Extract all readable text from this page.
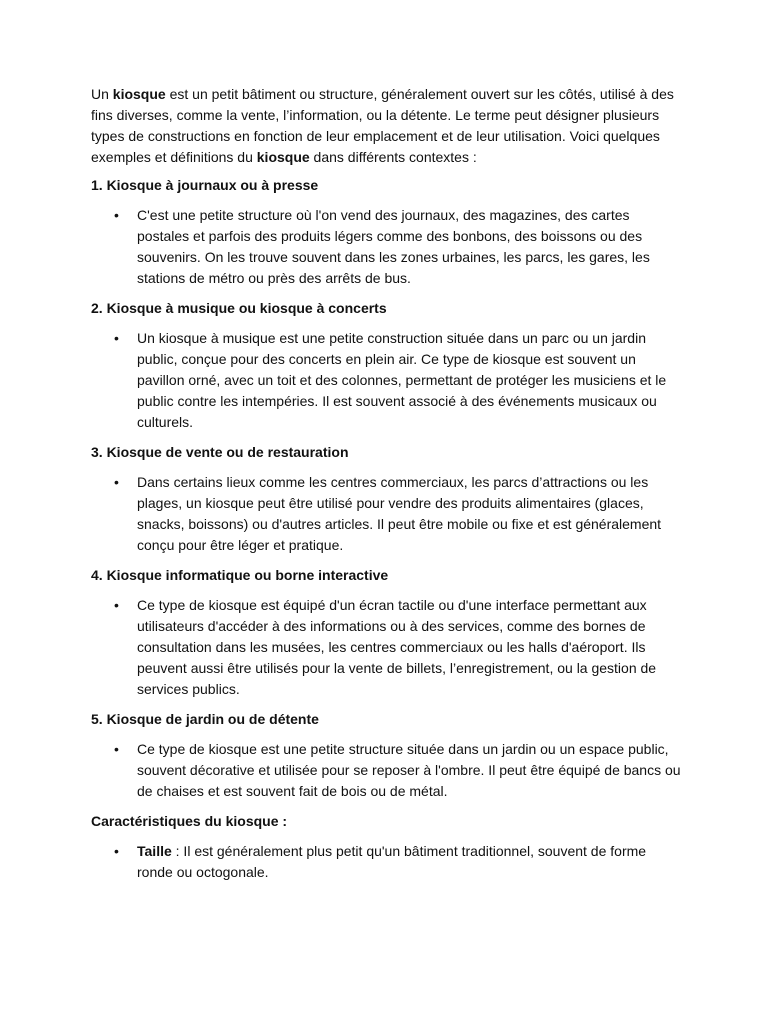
Un kiosque est un petit bâtiment ou structure, généralement ouvert sur les côtés, utilisé à des fins diverses, comme la vente, l’information, ou la détente. Le terme peut désigner plusieurs types de constructions en fonction de leur emplacement et de leur utilisation. Voici quelques exemples et définitions du kiosque dans différents contextes :

1. Kiosque à journaux ou à presse

• C'est une petite structure où l'on vend des journaux, des magazines, des cartes postales et parfois des produits légers comme des bonbons, des boissons ou des souvenirs. On les trouve souvent dans les zones urbaines, les parcs, les gares, les stations de métro ou près des arrêts de bus.

2. Kiosque à musique ou kiosque à concerts

• Un kiosque à musique est une petite construction située dans un parc ou un jardin public, conçue pour des concerts en plein air. Ce type de kiosque est souvent un pavillon orné, avec un toit et des colonnes, permettant de protéger les musiciens et le public contre les intempéries. Il est souvent associé à des événements musicaux ou culturels.

3. Kiosque de vente ou de restauration

• Dans certains lieux comme les centres commerciaux, les parcs d’attractions ou les plages, un kiosque peut être utilisé pour vendre des produits alimentaires (glaces, snacks, boissons) ou d'autres articles. Il peut être mobile ou fixe et est généralement conçu pour être léger et pratique.

4. Kiosque informatique ou borne interactive

• Ce type de kiosque est équipé d'un écran tactile ou d'une interface permettant aux utilisateurs d'accéder à des informations ou à des services, comme des bornes de consultation dans les musées, les centres commerciaux ou les halls d'aéroport. Ils peuvent aussi être utilisés pour la vente de billets, l’enregistrement, ou la gestion de services publics.

5. Kiosque de jardin ou de détente

• Ce type de kiosque est une petite structure située dans un jardin ou un espace public, souvent décorative et utilisée pour se reposer à l'ombre. Il peut être équipé de bancs ou de chaises et est souvent fait de bois ou de métal.

Caractéristiques du kiosque :

• Taille : Il est généralement plus petit qu'un bâtiment traditionnel, souvent de forme ronde ou octogonale.
